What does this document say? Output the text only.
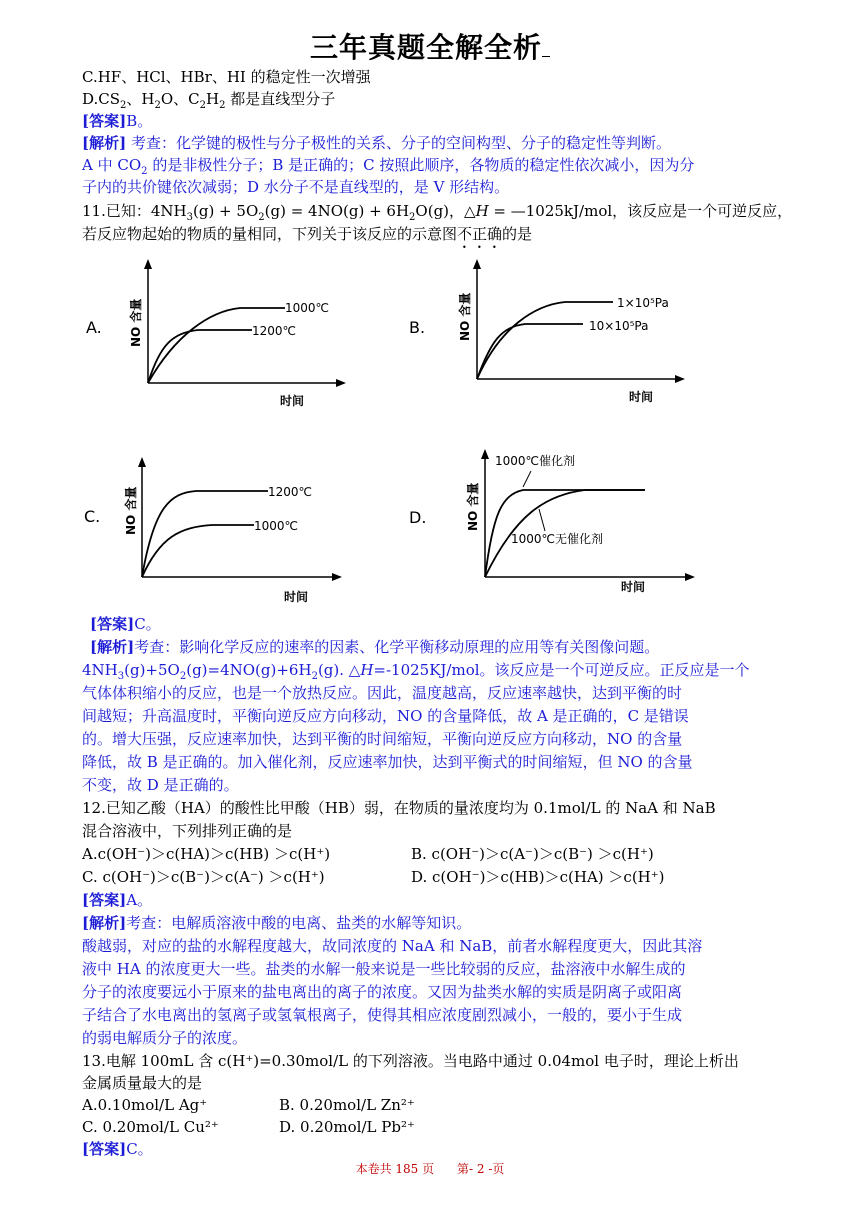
三年真题全解全析
C.HF、HCl、HBr、HI 的稳定性一次增强
$D.CS_2$、$H_2O$、$C_2H_2$ 都是直线型分子
[答案]B。
[解析] 考查：化学键的极性与分子极性的关系、分子的空间构型、分子的稳定性等判断。
A 中 $CO_2$ 的是非极性分子；B 是正确的；C 按照此顺序，各物质的稳定性依次减小，因为分
子内的共价键依次减弱；D 水分子不是直线型的，是 V 形结构。
11.已知：$4NH_3(g) + 5O_2(g) = 4NO(g) + 6H_2O(g)$，△H = —1025kJ/mol，该反应是一个可逆反应，
若反应物起始的物质的量相同，下列关于该反应的示意图不正确的是
A. NO 含量
时间
1200℃
1000℃
B.	NO 含量
时间
10×10⁵Pa
1×10⁵Pa
C. NO 含量
时间
1200℃
1000℃	D.	NO 含量
时间
1000℃催化剂
1000℃无催化剂
[答案]C。
[解析]考查：影响化学反应的速率的因素、化学平衡移动原理的应用等有关图像问题。
$4NH_3(g)+5O_2(g)=4NO(g)+6H_2(g)$. △H=-1025KJ/mol。该反应是一个可逆反应。正反应是一个
气体体积缩小的反应，也是一个放热反应。因此，温度越高，反应速率越快，达到平衡的时
间越短；升高温度时，平衡向逆反应方向移动，NO 的含量降低，故 A 是正确的，C 是错误
的。增大压强，反应速率加快，达到平衡的时间缩短，平衡向逆反应方向移动，NO 的含量
降低，故 B 是正确的。加入催化剂，反应速率加快，达到平衡式的时间缩短，但 NO 的含量
不变，故 D 是正确的。
12.已知乙酸（HA）的酸性比甲酸（HB）弱，在物质的量浓度均为 0.1mol/L 的 NaA 和 NaB
混合溶液中，下列排列正确的是
A.c(OH⁻)＞c(HA)＞c(HB) ＞c(H⁺)	B. c(OH⁻)＞c(A⁻)＞c(B⁻) ＞c(H⁺)
C. c(OH⁻)＞c(B⁻)＞c(A⁻) ＞c(H⁺)	D. c(OH⁻)＞c(HB)＞c(HA) ＞c(H⁺)
[答案]A。
[解析]考查：电解质溶液中酸的电离、盐类的水解等知识。
酸越弱，对应的盐的水解程度越大，故同浓度的 NaA 和 NaB，前者水解程度更大，因此其溶
液中 HA 的浓度更大一些。盐类的水解一般来说是一些比较弱的反应，盐溶液中水解生成的
分子的浓度要远小于原来的盐电离出的离子的浓度。又因为盐类水解的实质是阴离子或阳离
子结合了水电离出的氢离子或氢氧根离子，使得其相应浓度剧烈减小，一般的，要小于生成
的弱电解质分子的浓度。
13.电解 100mL 含 c(H⁺)=0.30mol/L 的下列溶液。当电路中通过 0.04mol 电子时，理论上析出
金属质量最大的是
A.0.10mol/L Ag⁺	B. 0.20mol/L Zn²⁺
C. 0.20mol/L Cu²⁺	D. 0.20mol/L Pb²⁺
[答案]C。
本卷共 185 页 第- 2 -页
